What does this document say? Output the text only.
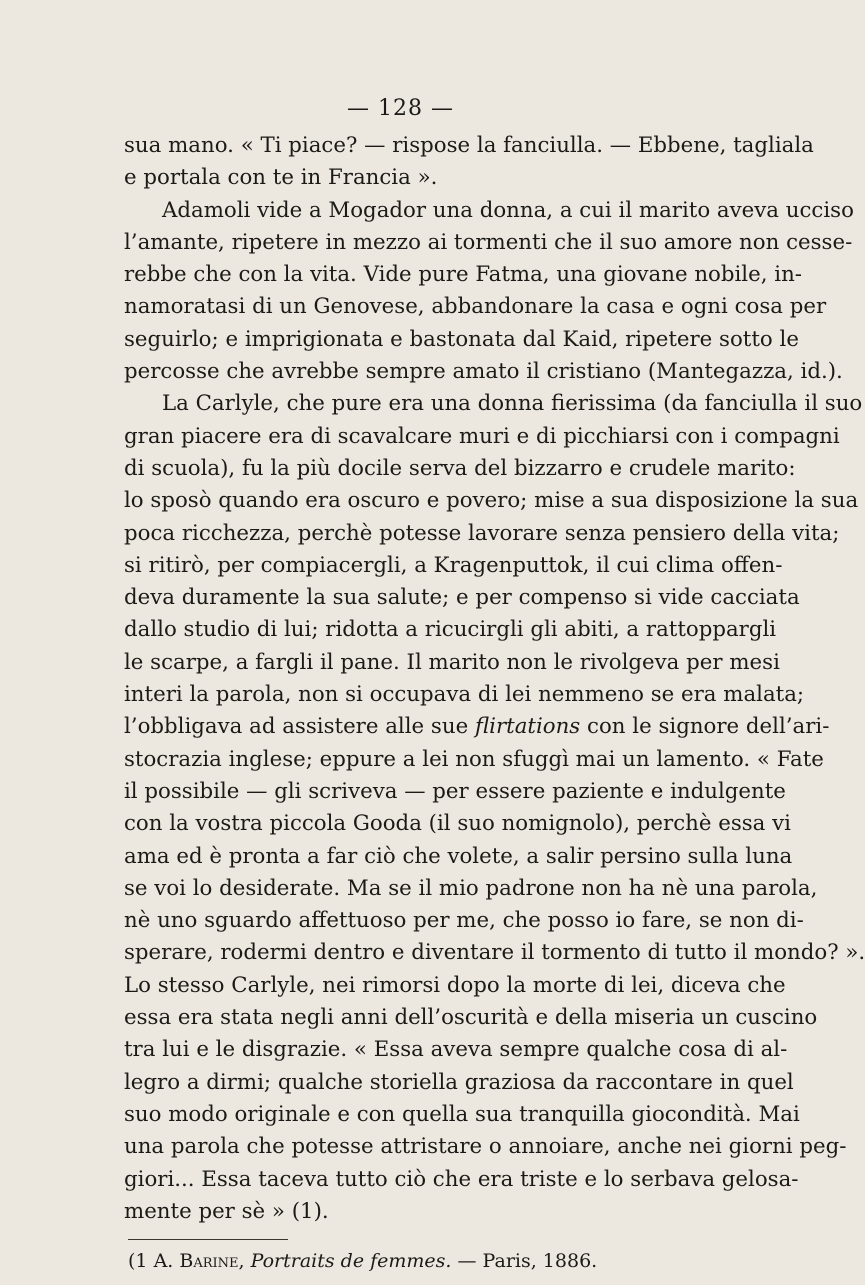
— 128 —
sua mano. « Ti piace? — rispose la fanciulla. — Ebbene, tagliala
e portala con te in Francia ».
Adamoli vide a Mogador una donna, a cui il marito aveva ucciso
l’amante, ripetere in mezzo ai tormenti che il suo amore non cesse-
rebbe che con la vita. Vide pure Fatma, una giovane nobile, in-
namoratasi di un Genovese, abbandonare la casa e ogni cosa per
seguirlo; e imprigionata e bastonata dal Kaid, ripetere sotto le
percosse che avrebbe sempre amato il cristiano (Mantegazza, id.).
La Carlyle, che pure era una donna fierissima (da fanciulla il suo
gran piacere era di scavalcare muri e di picchiarsi con i compagni
di scuola), fu la più docile serva del bizzarro e crudele marito:
lo sposò quando era oscuro e povero; mise a sua disposizione la sua
poca ricchezza, perchè potesse lavorare senza pensiero della vita;
si ritirò, per compiacergli, a Kragenputtok, il cui clima offen-
deva duramente la sua salute; e per compenso si vide cacciata
dallo studio di lui; ridotta a ricucirgli gli abiti, a rattoppargli
le scarpe, a fargli il pane. Il marito non le rivolgeva per mesi
interi la parola, non si occupava di lei nemmeno se era malata;
l’obbligava ad assistere alle sue flirtations con le signore dell’ari-
stocrazia inglese; eppure a lei non sfuggì mai un lamento. « Fate
il possibile — gli scriveva — per essere paziente e indulgente
con la vostra piccola Gooda (il suo nomignolo), perchè essa vi
ama ed è pronta a far ciò che volete, a salir persino sulla luna
se voi lo desiderate. Ma se il mio padrone non ha nè una parola,
nè uno sguardo affettuoso per me, che posso io fare, se non di-
sperare, rodermi dentro e diventare il tormento di tutto il mondo? ».
Lo stesso Carlyle, nei rimorsi dopo la morte di lei, diceva che
essa era stata negli anni dell’oscurità e della miseria un cuscino
tra lui e le disgrazie. « Essa aveva sempre qualche cosa di al-
legro a dirmi; qualche storiella graziosa da raccontare in quel
suo modo originale e con quella sua tranquilla giocondità. Mai
una parola che potesse attristare o annoiare, anche nei giorni peg-
giori... Essa taceva tutto ciò che era triste e lo serbava gelosa-
mente per sè » (1).
(1 A. Barine, Portraits de femmes. — Paris, 1886.
